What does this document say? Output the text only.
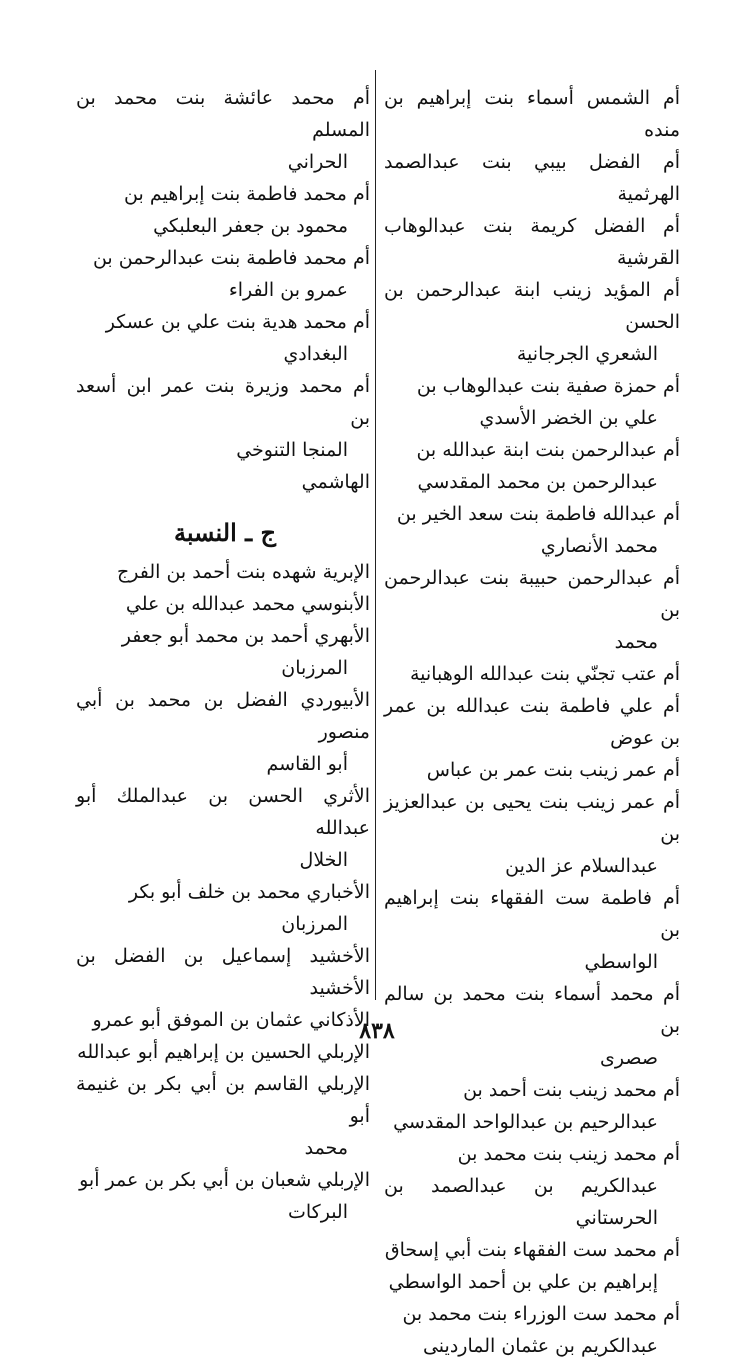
أم الشمس أسماء بنت إبراهيم بن منده
أم الفضل بيبي بنت عبدالصمد الهرثمية
أم الفضل كريمة بنت عبدالوهاب القرشية
أم المؤيد زينب ابنة عبدالرحمن بن الحسن
الشعري الجرجانية
أم حمزة صفية بنت عبدالوهاب بن
علي بن الخضر الأسدي
أم عبدالرحمن بنت ابنة عبدالله بن
عبدالرحمن بن محمد المقدسي
أم عبدالله فاطمة بنت سعد الخير بن
محمد الأنصاري
أم عبدالرحمن حبيبة بنت عبدالرحمن بن
محمد
أم عتب تجنّي بنت عبدالله الوهبانية
أم علي فاطمة بنت عبدالله بن عمر بن عوض
أم عمر زينب بنت عمر بن عباس
أم عمر زينب بنت يحيى بن عبدالعزيز بن
عبدالسلام عز الدين
أم فاطمة ست الفقهاء بنت إبراهيم بن
الواسطي
أم محمد أسماء بنت محمد بن سالم بن
صصرى
أم محمد زينب بنت أحمد بن
عبدالرحيم بن عبدالواحد المقدسي
أم محمد زينب بنت محمد بن
عبدالكريم بن عبدالصمد بن الحرستاني
أم محمد ست الفقهاء بنت أبي إسحاق
إبراهيم بن علي بن أحمد الواسطي
أم محمد ست الوزراء بنت محمد بن
عبدالكريم بن عثمان الماردينى
أم محمد عائشة بنت محمد بن المسلم
الحراني
أم محمد فاطمة بنت إبراهيم بن
محمود بن جعفر البعلبكي
أم محمد فاطمة بنت عبدالرحمن بن
عمرو بن الفراء
أم محمد هدية بنت علي بن عسكر
البغدادي
أم محمد وزيرة بنت عمر ابن أسعد بن
المنجا التنوخي
الهاشمي
ج ـ النسبة
الإبرية شهده بنت أحمد بن الفرج
الأبنوسي محمد عبدالله بن علي
الأبهري أحمد بن محمد أبو جعفر
المرزبان
الأبيوردي الفضل بن محمد بن أبي منصور
أبو القاسم
الأثري الحسن بن عبدالملك أبو عبدالله
الخلال
الأخباري محمد بن خلف أبو بكر
المرزبان
الأخشيد إسماعيل بن الفضل بن الأخشيد
الأذكاني عثمان بن الموفق أبو عمرو
الإربلي الحسين بن إبراهيم أبو عبدالله
الإربلي القاسم بن أبي بكر بن غنيمة أبو
محمد
الإربلي شعبان بن أبي بكر بن عمر أبو
البركات
٨٣٨
